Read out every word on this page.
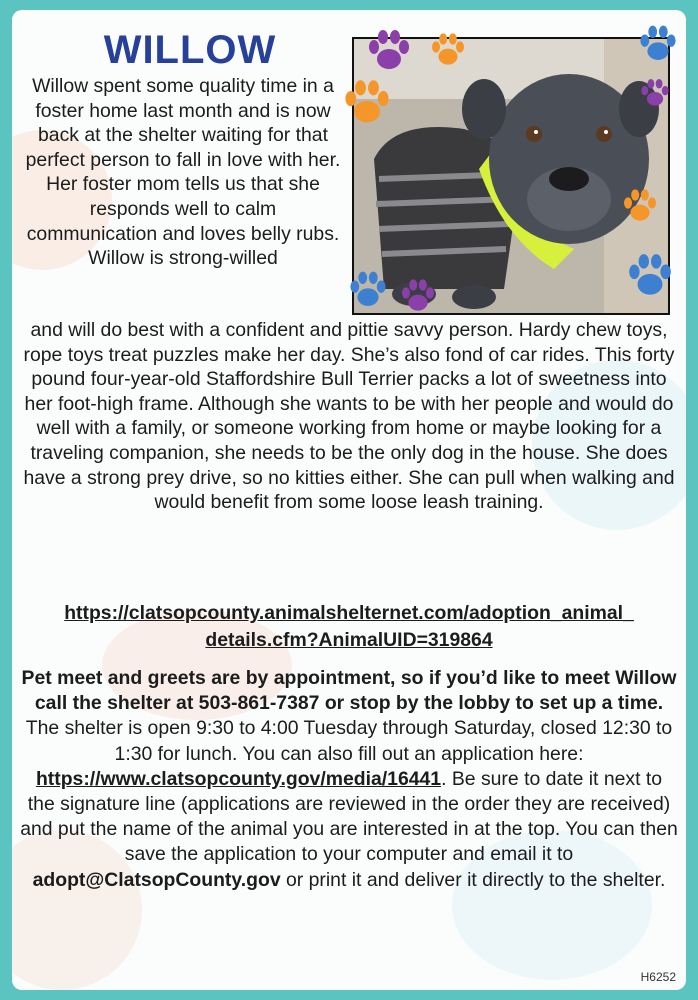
WILLOW

Willow spent some quality time in a foster home last month and is now back at the shelter waiting for that perfect person to fall in love with her. Her foster mom tells us that she responds well to calm communication and loves belly rubs. Willow is strong-willed

and will do best with a confident and pittie savvy person. Hardy chew toys, rope toys treat puzzles make her day. She’s also fond of car rides. This forty pound four-year-old Staffordshire Bull Terrier packs a lot of sweetness into her foot-high frame. Although she wants to be with her people and would do well with a family, or someone working from home or maybe looking for a traveling companion, she needs to be the only dog in the house. She does have a strong prey drive, so no kitties either. She can pull when walking and would benefit from some loose leash training.

https://clatsopcounty.animalshelternet.com/adoption_animal_
details.cfm?AnimalUID=319864

Pet meet and greets are by appointment, so if you’d like to meet Willow call the shelter at 503-861-7387 or stop by the lobby to set up a time. The shelter is open 9:30 to 4:00 Tuesday through Saturday, closed 12:30 to 1:30 for lunch. You can also fill out an application here: https://www.clatsopcounty.gov/media/16441. Be sure to date it next to the signature line (applications are reviewed in the order they are received) and put the name of the animal you are interested in at the top. You can then save the application to your computer and email it to adopt@ClatsopCounty.gov or print it and deliver it directly to the shelter.

H6252
